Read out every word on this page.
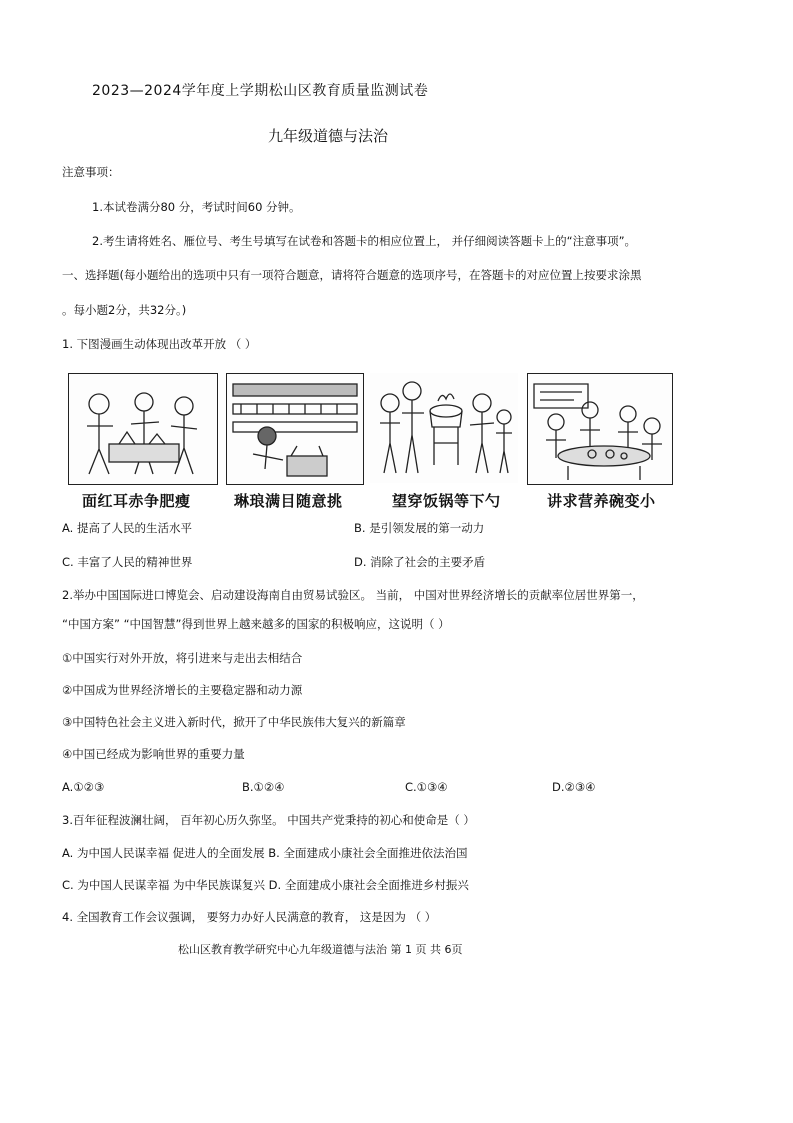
2023—2024学年度上学期松山区教育质量监测试卷
九年级道德与法治
注意事项：
1.本试卷满分80 分，考试时间60 分钟。
2.考生请将姓名、雁位号、考生号填写在试卷和答题卡的相应位置上， 并仔细阅读答题卡上的“注意事项”。
一、选择题(每小题给出的选项中只有一项符合题意，请将符合题意的选项序号，在答题卡的对应位置上按要求涂黑
。每小题2分，共32分。)
1. 下图漫画生动体现出改革开放 （ ）
面红耳赤争肥瘦	琳琅满目随意挑	望穿饭锅等下勺	讲求营养碗变小
A. 提高了人民的生活水平	B. 是引领发展的第一动力
C. 丰富了人民的精神世界	D. 消除了社会的主要矛盾
2.举办中国国际进口博览会、启动建设海南自由贸易试验区。 当前， 中国对世界经济增长的贡献率位居世界第一，
“中国方案” “中国智慧”得到世界上越来越多的国家的积极响应，这说明（ ）
①中国实行对外开放，将引进来与走出去相结合
②中国成为世界经济增长的主要稳定器和动力源
③中国特色社会主义进入新时代，掀开了中华民族伟大复兴的新篇章
④中国已经成为影响世界的重要力量
A.①②③	B.①②④	C.①③④	D.②③④
3.百年征程波澜壮阔， 百年初心历久弥坚。 中国共产党秉持的初心和使命是（ ）
A. 为中国人民谋幸福 促进人的全面发展 B. 全面建成小康社会全面推进依法治国
C. 为中国人民谋幸福 为中华民族谋复兴 D. 全面建成小康社会全面推进乡村振兴
4. 全国教育工作会议强调， 要努力办好人民满意的教育， 这是因为 （ ）
松山区教育教学研究中心九年级道德与法治 第 1 页 共 6页
